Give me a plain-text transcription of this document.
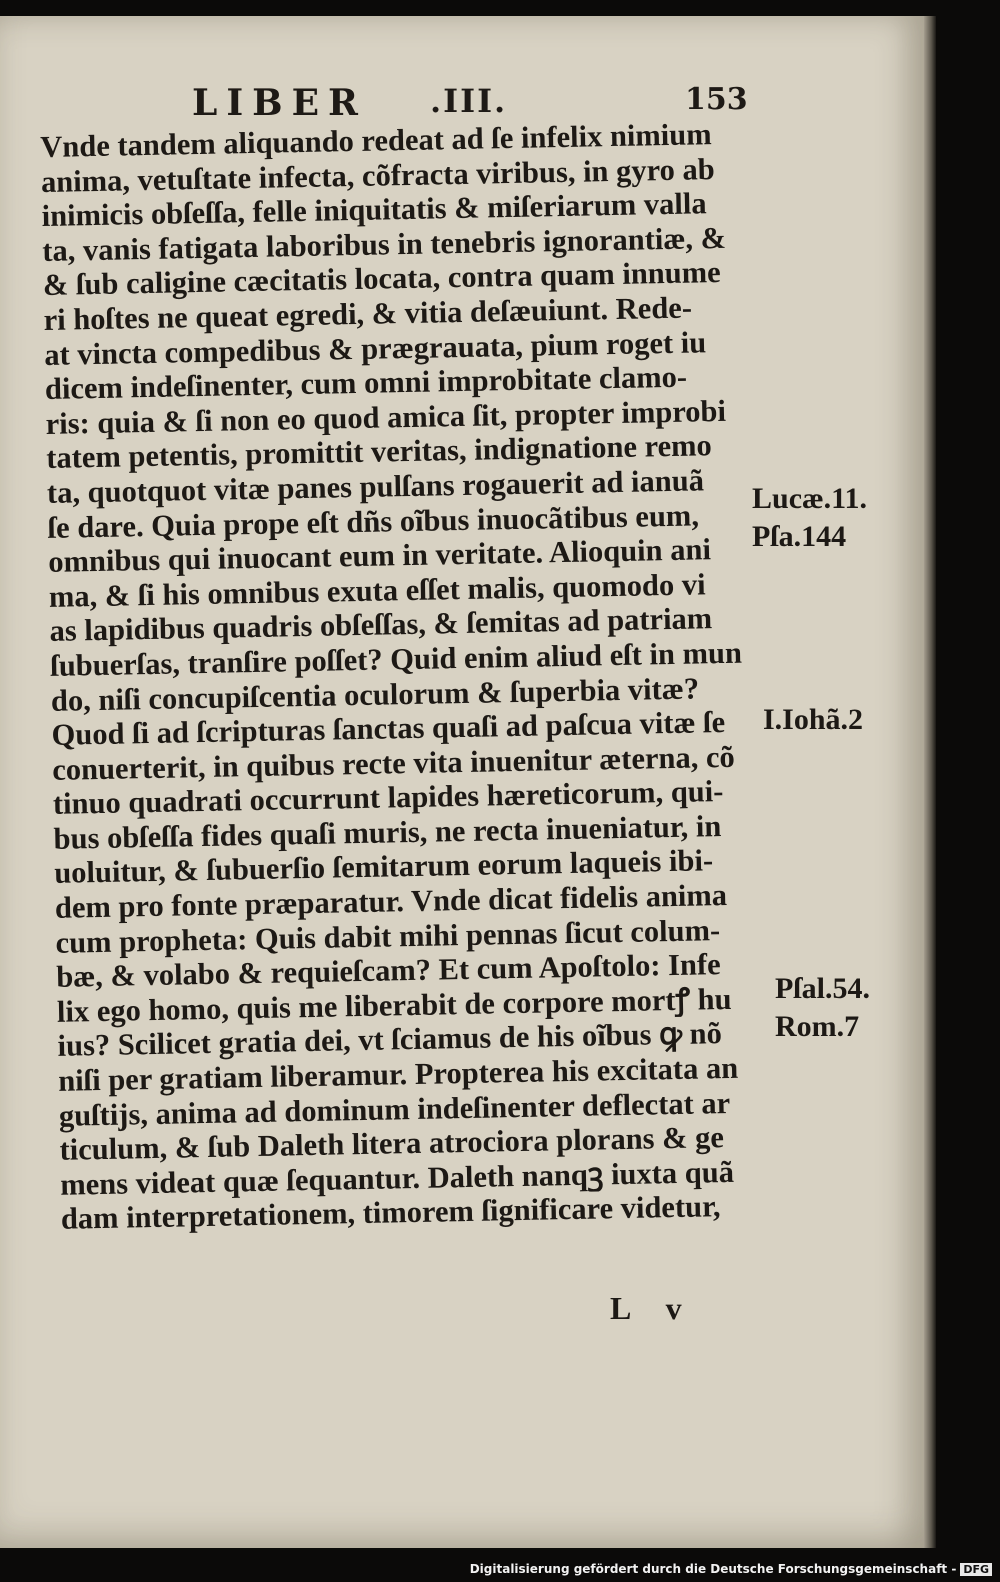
LIBER .III.	153
Vnde tandem aliquando redeat ad ſe infelix nimium
anima, vetuſtate infecta, cõfracta viribus, in gyro ab
inimicis obſeſſa, felle iniquitatis & miſeriarum valla
ta, vanis fatigata laboribus in tenebris ignorantiæ, &
& ſub caligine cæcitatis locata, contra quam innume
ri hoſtes ne queat egredi, & vitia deſæuiunt. Rede-
at vincta compedibus & prægrauata, pium roget iu
dicem indeſinenter, cum omni improbitate clamo-
ris: quia & ſi non eo quod amica ſit, propter improbi
tatem petentis, promittit veritas, indignatione remo
ta, quotquot vitæ panes pulſans rogauerit ad ianuã
ſe dare. Quia prope eſt dñs oĩbus inuocãtibus eum,
omnibus qui inuocant eum in veritate. Alioquin ani
ma, & ſi his omnibus exuta eſſet malis, quomodo vi
as lapidibus quadris obſeſſas, & ſemitas ad patriam
ſubuerſas, tranſire poſſet? Quid enim aliud eſt in mun
do, niſi concupiſcentia oculorum & ſuperbia vitæ?
Quod ſi ad ſcripturas ſanctas quaſi ad paſcua vitæ ſe
conuerterit, in quibus recte vita inuenitur æterna, cõ
tinuo quadrati occurrunt lapides hæreticorum, qui-
bus obſeſſa fides quaſi muris, ne recta inueniatur, in
uoluitur, & ſubuerſio ſemitarum eorum laqueis ibi-
dem pro fonte præparatur. Vnde dicat fidelis anima
cum propheta: Quis dabit mihi pennas ſicut colum-
bæ, & volabo & requieſcam? Et cum Apoſtolo: Infe
lix ego homo, quis me liberabit de corpore mortꝭ hu
ius? Scilicet gratia dei, vt ſciamus de his oĩbus ꝙ nõ
niſi per gratiam liberamur. Propterea his excitata an
guſtijs, anima ad dominum indeſinenter deflectat ar
ticulum, & ſub Daleth litera atrociora plorans & ge
mens videat quæ ſequantur. Daleth nanqꝫ iuxta quã
dam interpretationem, timorem ſignificare videtur,
Lucæ.11.
Pſa.144
I.Iohã.2
Pſal.54.
Rom.7
L v
Digitalisierung gefördert durch die Deutsche Forschungsgemeinschaft - DFG
